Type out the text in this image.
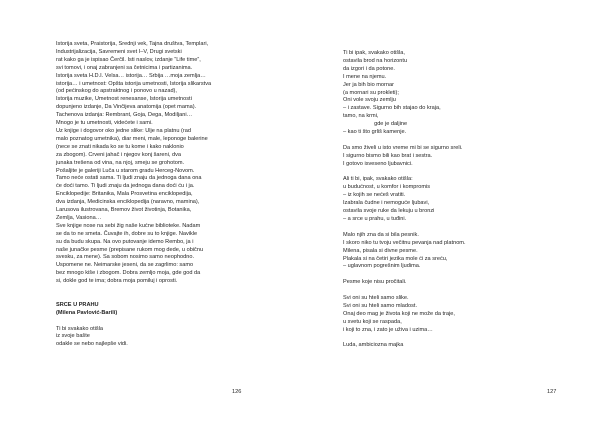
Istorija sveta, Praistorija, Srednji vek, Tajna društva, Templari,
Industrijalizacija, Savremeni svet I–V, Drugi svetski
rat kako ga je ispisao Čerčil. Isti naslov, izdanje “Life time”,
svi tomovi, i onaj zabranjeni sa četnicima i partizanima.
Istorija sveta H.D.I. Velsa… istorija… Srbija …moja zemlja…
istorija… i umetnost: Opšta istorija umetnosti, Istorija slikarstva
(od pećinskog do apstraktnog i ponovo u nazad),
Istorija muzike, Umetnost renesanse, Istorija umetnosti
dopunjeno izdanje, Da Vinčijeva anatomija (opet mama).
Tachenova izdanja: Rembrant, Goja, Dega, Modiljani…
Mnogo je tu umetnosti, videćete i sami.
Uz knjige i dogovor oko jedne slike: Ulje na platnu (rad
malo poznatog umetnika), diar meni, male, leponoge balerine
(nece se znati nikada ko se tu kome i kako naklonio
za zbogom). Crveni jahač i njegov konj šareni, dva
junaka trešena od vina, na njoj, smeju se grohotom.
Pošaljite je galeriji Luča u starom gradu Herceg-Novom.
Tamo neće ostati sama. Ti ljudi znaju da jednoga dana ona
će doći tamo. Ti ljudi znaju da jednoga dana doći ću i ja.
Enciklopedije: Britanika, Mala Prosvetina enciklopedija,
dva izdanja, Medicinska enciklopedija (naravno, mamina),
Larusova ilustrovana, Bremov život životinja, Botanika,
Zemlja, Vasiona…
Sve knjige nose na sebi žig naše kućne biblioteke. Nadam
se da to ne smeta. Čuvajte ih, dobre su to knjige. Navikle
su da budu skupa. Na ovo putovanje idemo Rembo, ja i
naše junačke pesme (prepisane rukom mog dede, u običnu
svesku, za mene). Sa sobom nosimo samo neophodno.
Uspomene ne. Neimarske jeseni, da se zagrlimo: samo
bez mnogo kiše i zbogom. Dobra zemljo moja, gde god da
si, dokle god te ima; dobra moja pomiluj i oprosti.
SRCE U PRAHU
(Milena Pavlović-Barili)
Ti bi svakako otišla
iz svoje bašte
odakle se nebo najlepše vidi.
126
Ti bi ipak, svakako otišla,
ostavila brod na horizontu
da izgori i da potone.
I mene na njemu.
Jer ja bih bio mornar
(a mornari su prokleti);
Oni vole svoju zemlju
– i zastave. Sigurno bih stajao do kraja,
tamo, na krmi,
gde je daljine
– kao ti što grliš kamenje.
Da smo živeli u isto vreme mi bi se sigurno sreli.
I sigurno bismo bili kao brat i sestra.
I gotovo isveseno ljubavnici.
Ali ti bi, ipak, svakako otišla:
u budućnost, u komfor i kompromis
– iz kojih se nećeš vratiti.
Izabrala čudne i nemoguće ljubavi,
ostavila svoje ruke da lekuju u bronzi
– a srce u prahu, u tuđini.
Malo njih zna da si bila pesnik.
I skoro niko tu tvoju večitnu pevanja nad platnom.
Milena, pisala si divne pesme.
Plakala si na četiri jezika mole ći za sreću,
– uglavnom pogrešnim ljudima.
Pesme koje nisu pročitali.
Svi oni su hteli samo slike.
Svi oni su hteli samo mladost.
Onaj deo mag je života koji ne može da traje,
u svetu koji se raspada,
i koji to zna, i zato je uživa i uzima…
Luda, ambiciozna majka
127
